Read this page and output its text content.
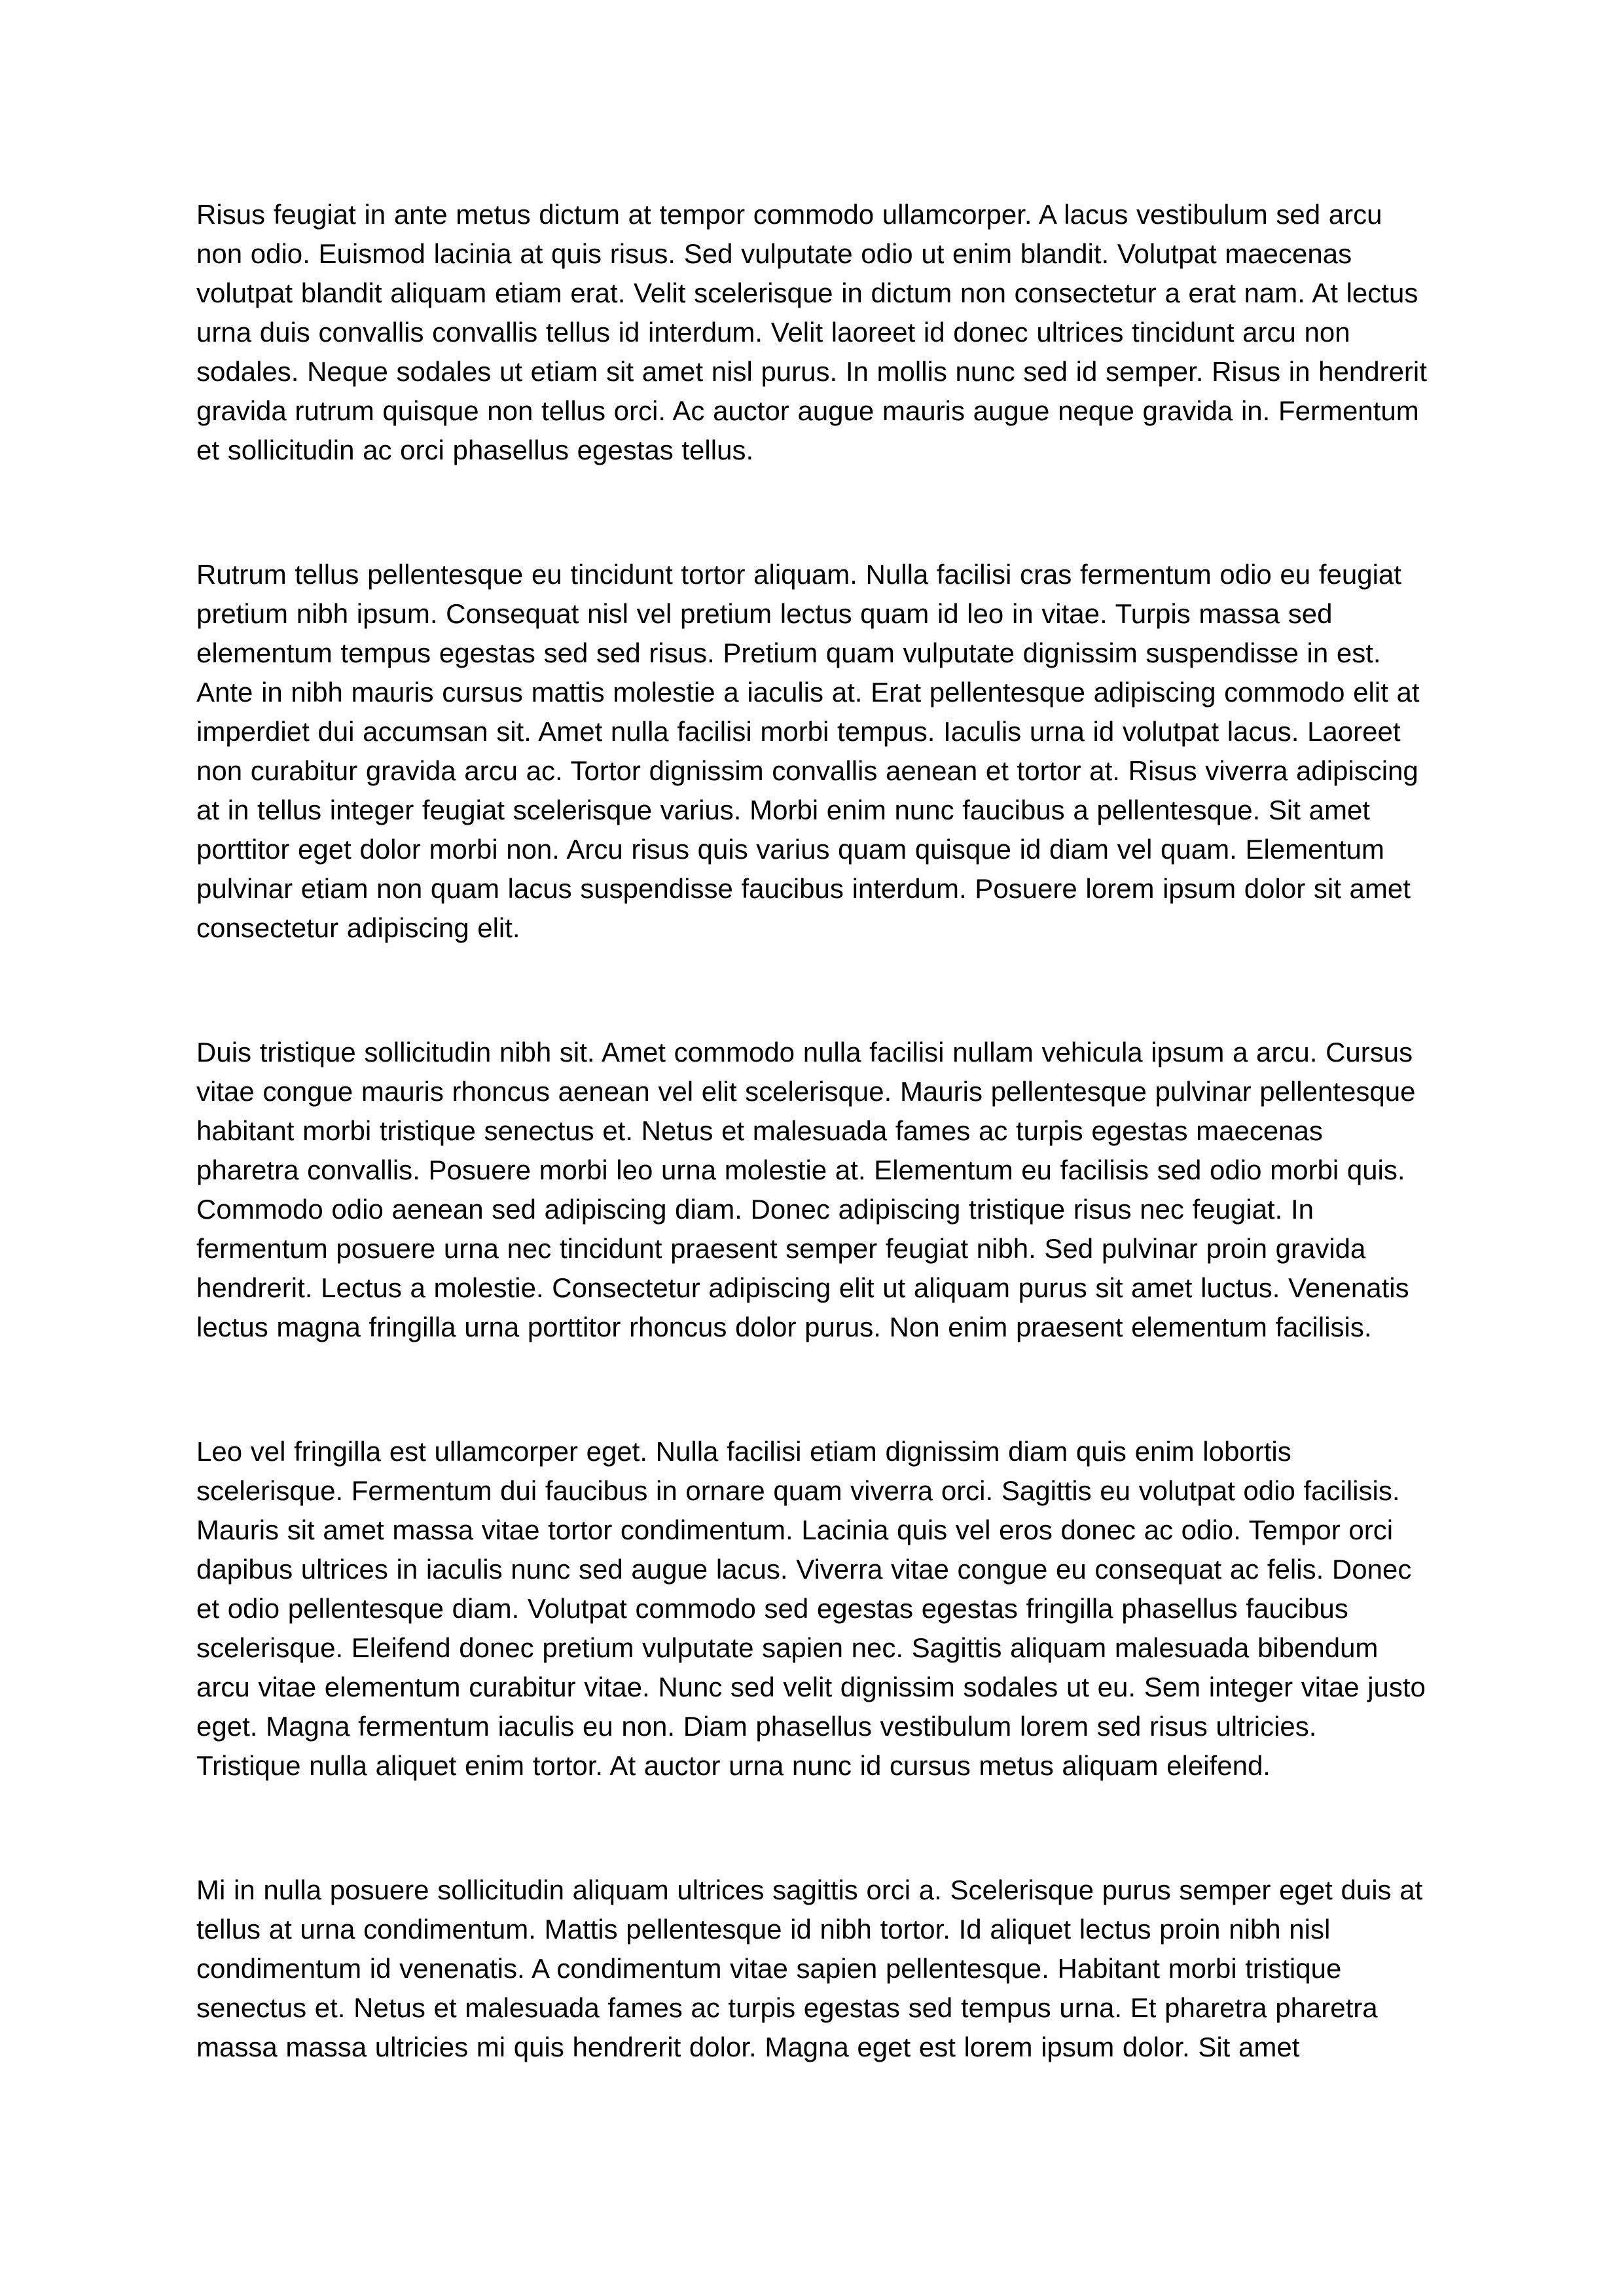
Risus feugiat in ante metus dictum at tempor commodo ullamcorper. A lacus vestibulum sed arcu non odio. Euismod lacinia at quis risus. Sed vulputate odio ut enim blandit. Volutpat maecenas volutpat blandit aliquam etiam erat. Velit scelerisque in dictum non consectetur a erat nam. At lectus urna duis convallis convallis tellus id interdum. Velit laoreet id donec ultrices tincidunt arcu non sodales. Neque sodales ut etiam sit amet nisl purus. In mollis nunc sed id semper. Risus in hendrerit gravida rutrum quisque non tellus orci. Ac auctor augue mauris augue neque gravida in. Fermentum et sollicitudin ac orci phasellus egestas tellus.

Rutrum tellus pellentesque eu tincidunt tortor aliquam. Nulla facilisi cras fermentum odio eu feugiat pretium nibh ipsum. Consequat nisl vel pretium lectus quam id leo in vitae. Turpis massa sed elementum tempus egestas sed sed risus. Pretium quam vulputate dignissim suspendisse in est. Ante in nibh mauris cursus mattis molestie a iaculis at. Erat pellentesque adipiscing commodo elit at imperdiet dui accumsan sit. Amet nulla facilisi morbi tempus. Iaculis urna id volutpat lacus. Laoreet non curabitur gravida arcu ac. Tortor dignissim convallis aenean et tortor at. Risus viverra adipiscing at in tellus integer feugiat scelerisque varius. Morbi enim nunc faucibus a pellentesque. Sit amet porttitor eget dolor morbi non. Arcu risus quis varius quam quisque id diam vel quam. Elementum pulvinar etiam non quam lacus suspendisse faucibus interdum. Posuere lorem ipsum dolor sit amet consectetur adipiscing elit.

Duis tristique sollicitudin nibh sit. Amet commodo nulla facilisi nullam vehicula ipsum a arcu. Cursus vitae congue mauris rhoncus aenean vel elit scelerisque. Mauris pellentesque pulvinar pellentesque habitant morbi tristique senectus et. Netus et malesuada fames ac turpis egestas maecenas pharetra convallis. Posuere morbi leo urna molestie at. Elementum eu facilisis sed odio morbi quis. Commodo odio aenean sed adipiscing diam. Donec adipiscing tristique risus nec feugiat. In fermentum posuere urna nec tincidunt praesent semper feugiat nibh. Sed pulvinar proin gravida hendrerit. Lectus a molestie. Consectetur adipiscing elit ut aliquam purus sit amet luctus. Venenatis lectus magna fringilla urna porttitor rhoncus dolor purus. Non enim praesent elementum facilisis.

Leo vel fringilla est ullamcorper eget. Nulla facilisi etiam dignissim diam quis enim lobortis scelerisque. Fermentum dui faucibus in ornare quam viverra orci. Sagittis eu volutpat odio facilisis. Mauris sit amet massa vitae tortor condimentum. Lacinia quis vel eros donec ac odio. Tempor orci dapibus ultrices in iaculis nunc sed augue lacus. Viverra vitae congue eu consequat ac felis. Donec et odio pellentesque diam. Volutpat commodo sed egestas egestas fringilla phasellus faucibus scelerisque. Eleifend donec pretium vulputate sapien nec. Sagittis aliquam malesuada bibendum arcu vitae elementum curabitur vitae. Nunc sed velit dignissim sodales ut eu. Sem integer vitae justo eget. Magna fermentum iaculis eu non. Diam phasellus vestibulum lorem sed risus ultricies. Tristique nulla aliquet enim tortor. At auctor urna nunc id cursus metus aliquam eleifend.

Mi in nulla posuere sollicitudin aliquam ultrices sagittis orci a. Scelerisque purus semper eget duis at tellus at urna condimentum. Mattis pellentesque id nibh tortor. Id aliquet lectus proin nibh nisl condimentum id venenatis. A condimentum vitae sapien pellentesque. Habitant morbi tristique senectus et. Netus et malesuada fames ac turpis egestas sed tempus urna. Et pharetra pharetra massa massa ultricies mi quis hendrerit dolor. Magna eget est lorem ipsum dolor. Sit amet
